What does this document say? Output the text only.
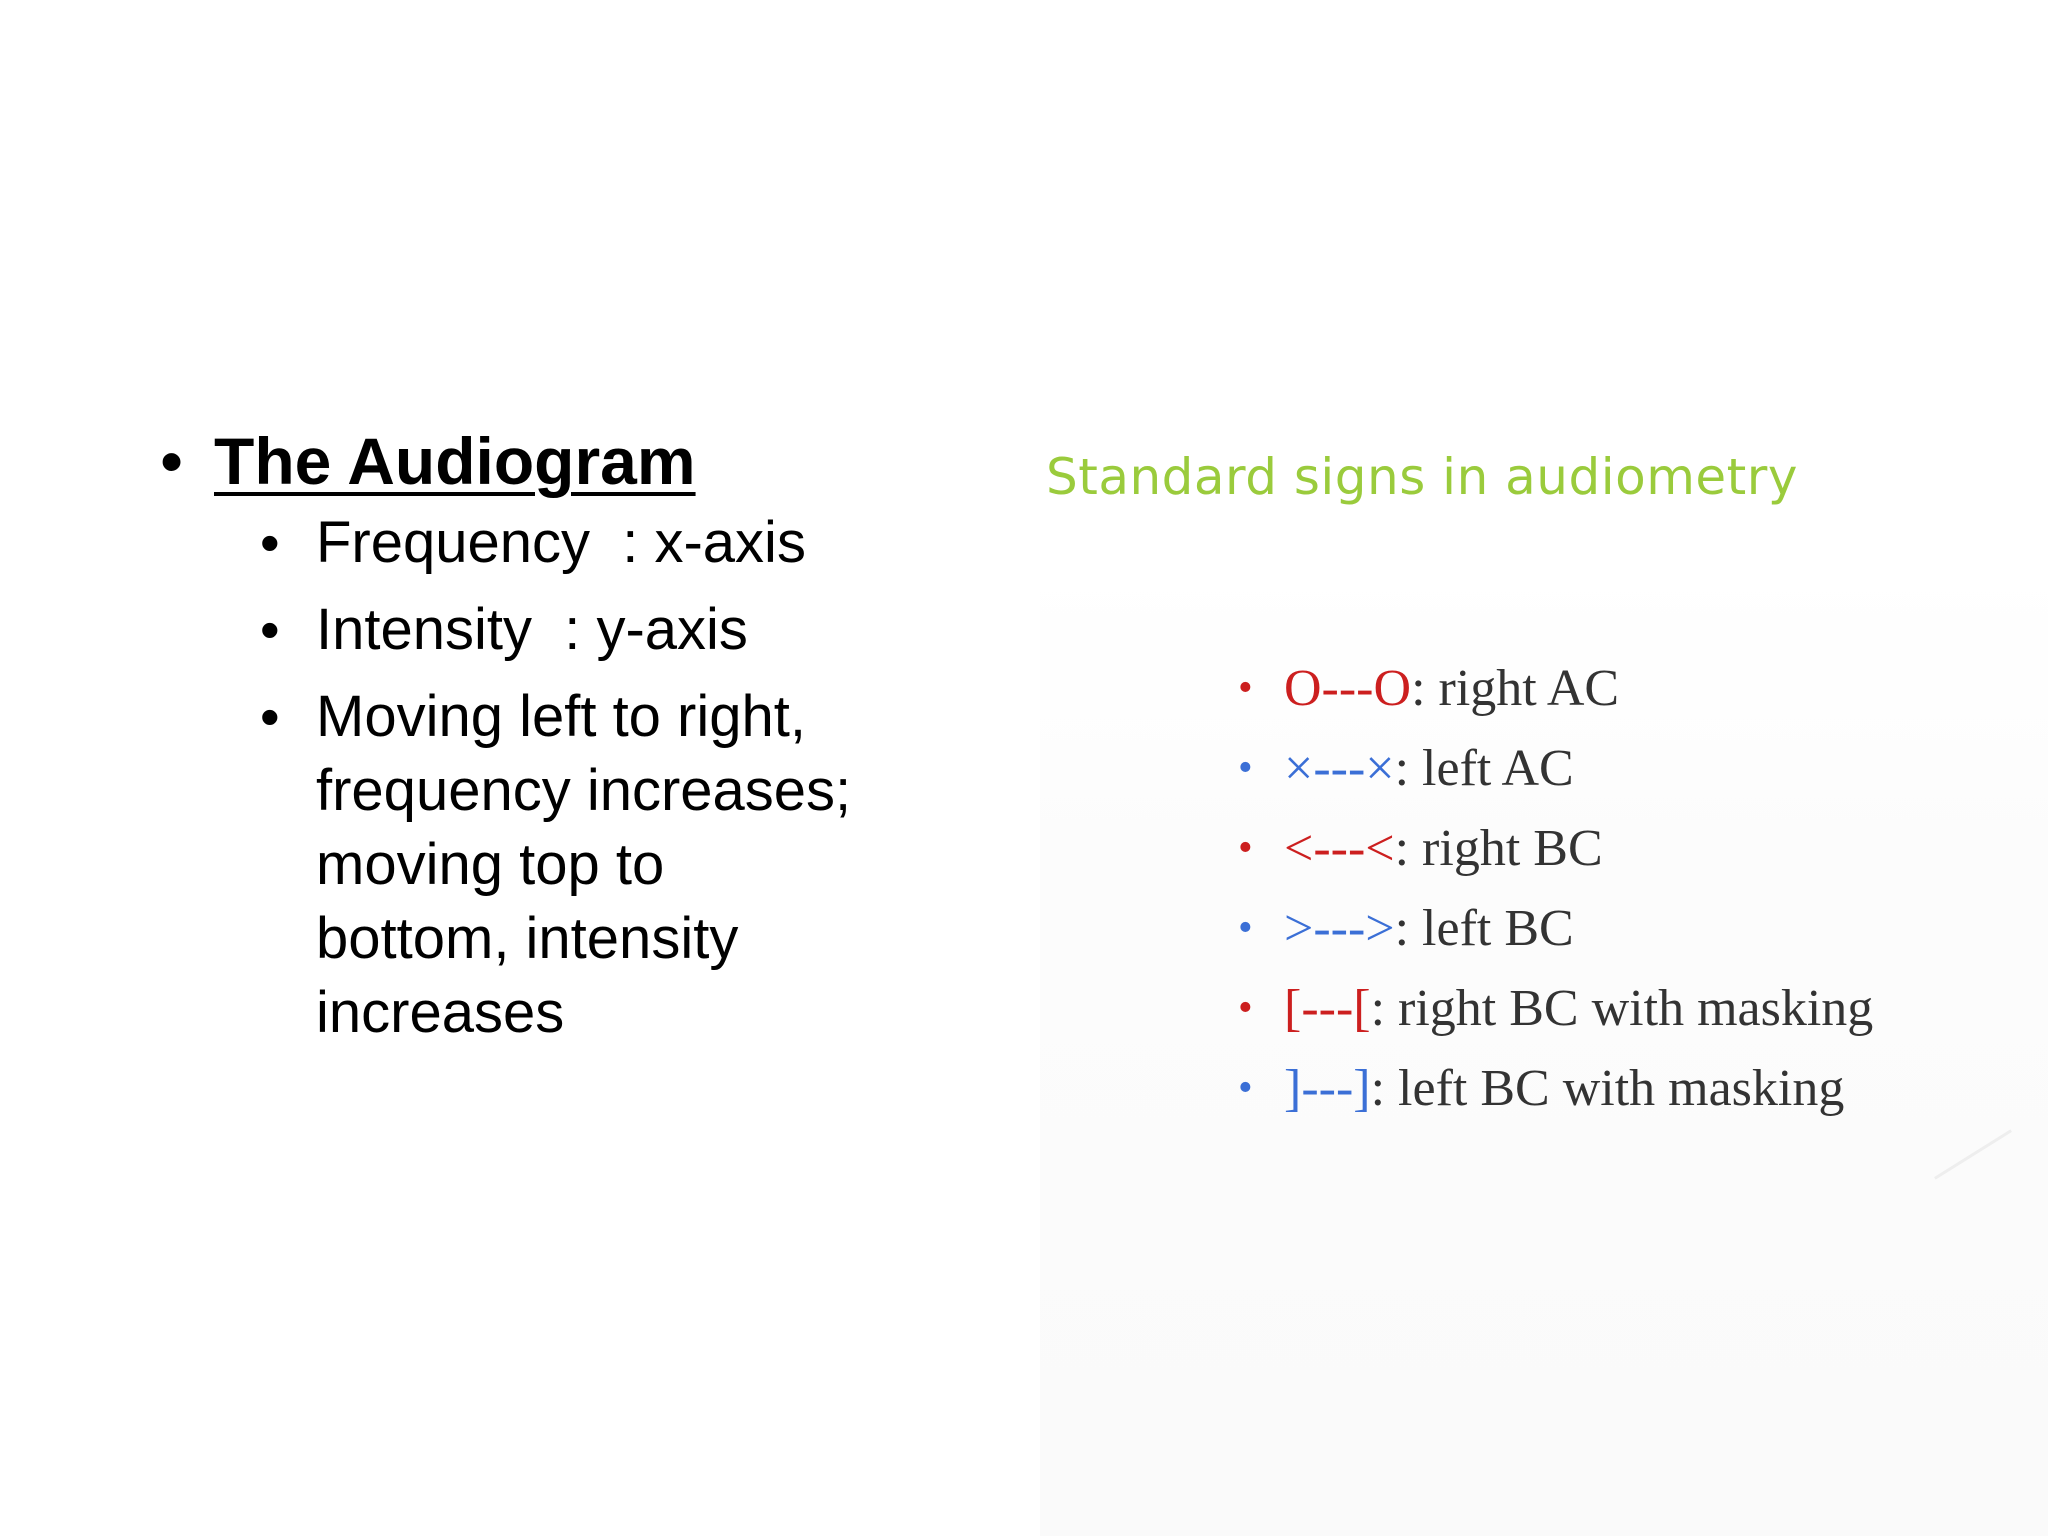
• The Audiogram
• Frequency  : x-axis
• Intensity  : y-axis
• Moving left to right,
frequency increases;
moving top to
bottom, intensity
increases
Standard signs in audiometry
• O---O : right AC
• ×---× : left AC
• <---< : right BC
• >---> : left BC
• [---[ : right BC with masking
• ]---] : left BC with masking
